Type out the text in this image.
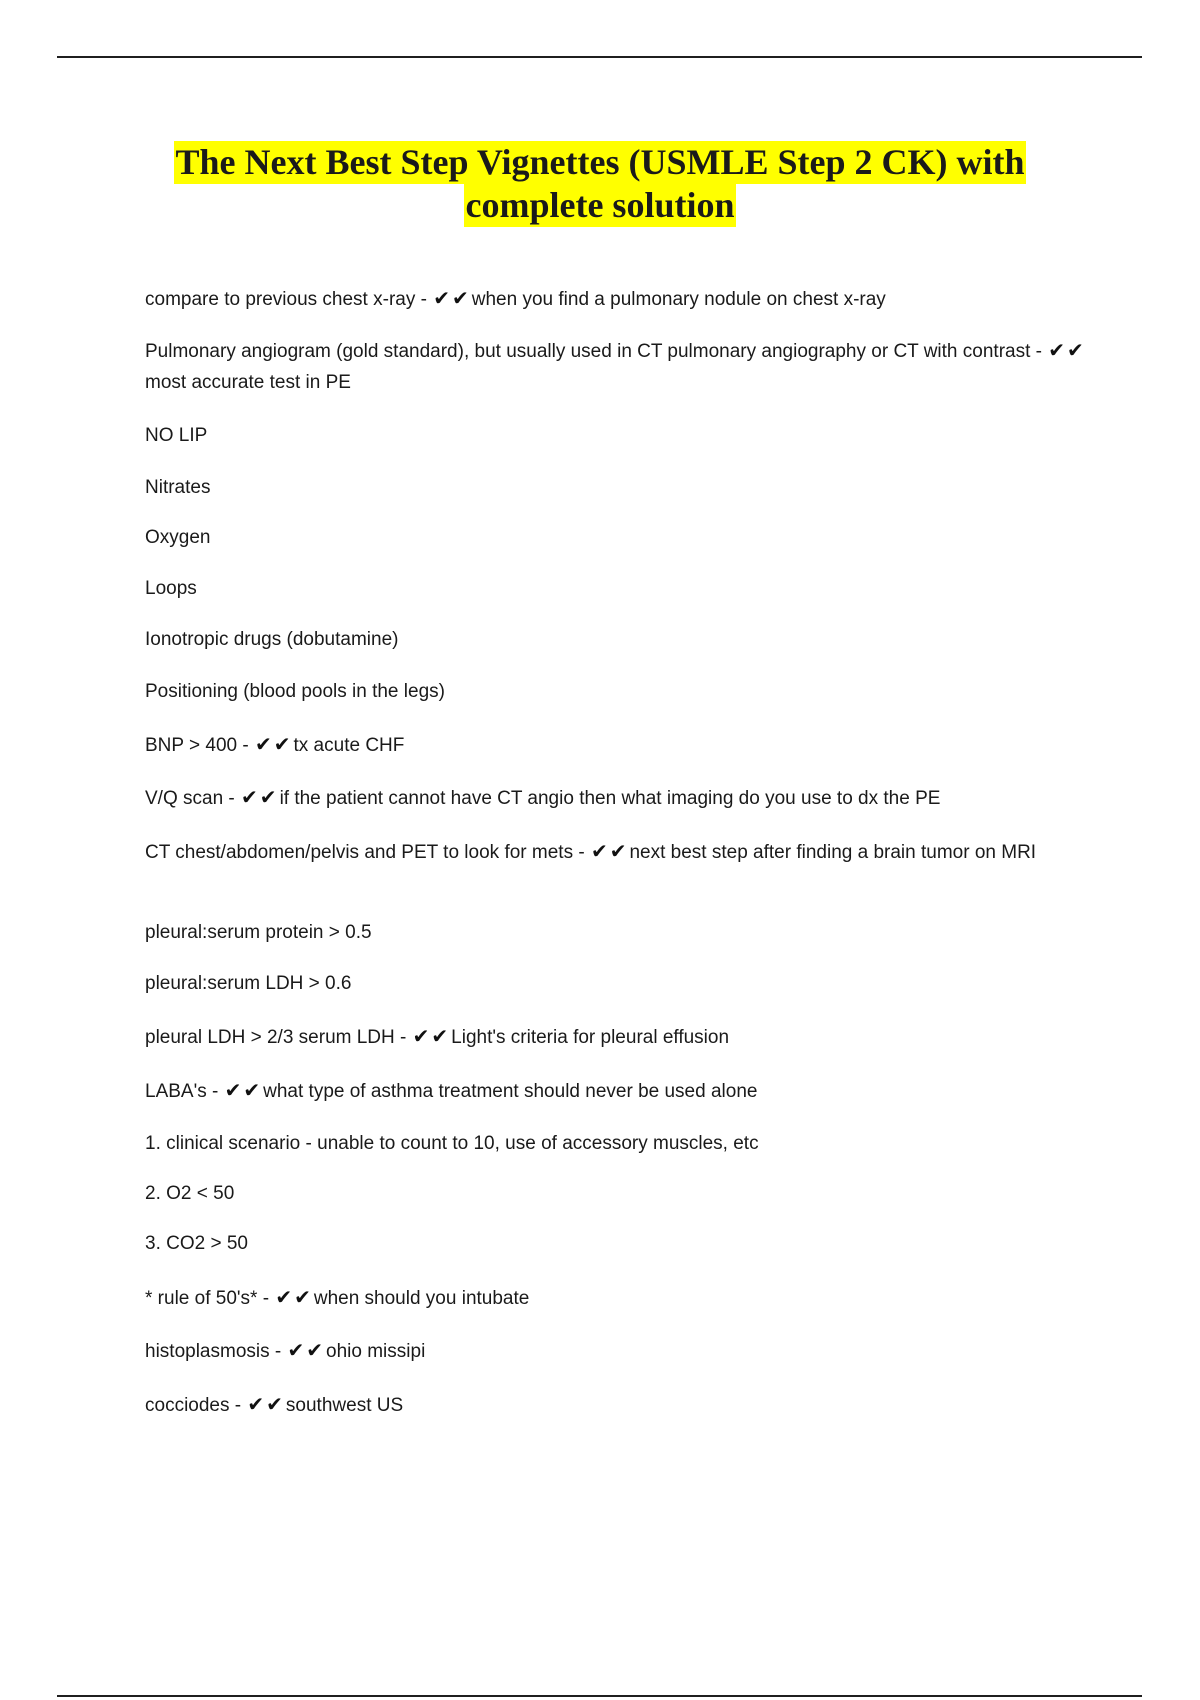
The Next Best Step Vignettes (USMLE Step 2 CK) with
complete solution
compare to previous chest x-ray - ✔ ✔ when you find a pulmonary nodule on chest x-ray
Pulmonary angiogram (gold standard), but usually used in CT pulmonary angiography or CT with contrast - ✔ ✔most accurate test in PE
NO LIP
Nitrates
Oxygen
Loops
Ionotropic drugs (dobutamine)
Positioning (blood pools in the legs)
BNP > 400 - ✔ ✔ tx acute CHF
V/Q scan - ✔ ✔ if the patient cannot have CT angio then what imaging do you use to dx the PE
CT chest/abdomen/pelvis and PET to look for mets - ✔ ✔ next best step after finding a brain tumor on MRI
pleural:serum protein > 0.5
pleural:serum LDH > 0.6
pleural LDH > 2/3 serum LDH - ✔ ✔ Light's criteria for pleural effusion
LABA's - ✔ ✔ what type of asthma treatment should never be used alone
1. clinical scenario - unable to count to 10, use of accessory muscles, etc
2. O2 < 50
3. CO2 > 50
* rule of 50's* - ✔ ✔ when should you intubate
histoplasmosis - ✔ ✔ ohio missipi
cocciodes - ✔ ✔ southwest US
